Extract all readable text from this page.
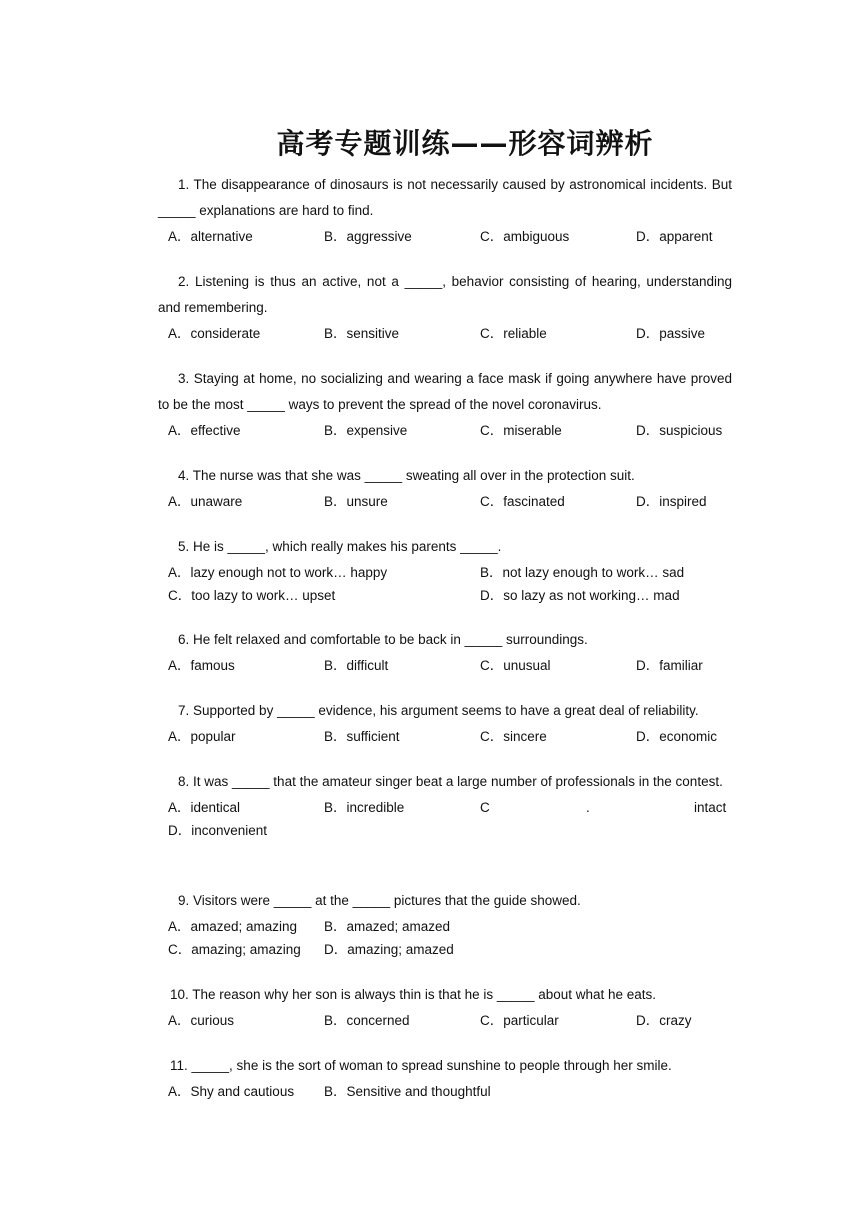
高考专题训练——形容词辨析
1. The disappearance of dinosaurs is not necessarily caused by astronomical incidents. But _____ explanations are hard to find.
A．alternative	B．aggressive	C．ambiguous	D．apparent
2. Listening is thus an active, not a _____, behavior consisting of hearing, understanding and remembering.
A．considerate	B．sensitive	C．reliable	D．passive
3. Staying at home, no socializing and wearing a face mask if going anywhere have proved to be the most _____ ways to prevent the spread of the novel coronavirus.
A．effective	B．expensive	C．miserable	D．suspicious
4. The nurse was that she was _____ sweating all over in the protection suit.
A．unaware	B．unsure	C．fascinated	D．inspired
5. He is _____, which really makes his parents _____.
A．lazy enough not to work… happy	B．not lazy enough to work… sad
C．too lazy to work… upset	D．so lazy as not working… mad
6. He felt relaxed and comfortable to be back in _____ surroundings.
A．famous	B．difficult	C．unusual	D．familiar
7. Supported by _____ evidence, his argument seems to have a great deal of reliability.
A．popular	B．sufficient	C．sincere	D．economic
8. It was _____ that the amateur singer beat a large number of professionals in the contest.
A．identical	B．incredible	C	.	intact
D．inconvenient
9. Visitors were _____ at the _____ pictures that the guide showed.
A．amazed; amazing B．amazed; amazed
C．amazing; amazing D．amazing; amazed
10. The reason why her son is always thin is that he is _____ about what he eats.
A．curious	B．concerned	C．particular	D．crazy
11. _____, she is the sort of woman to spread sunshine to people through her smile.
A．Shy and cautious B．Sensitive and thoughtful
